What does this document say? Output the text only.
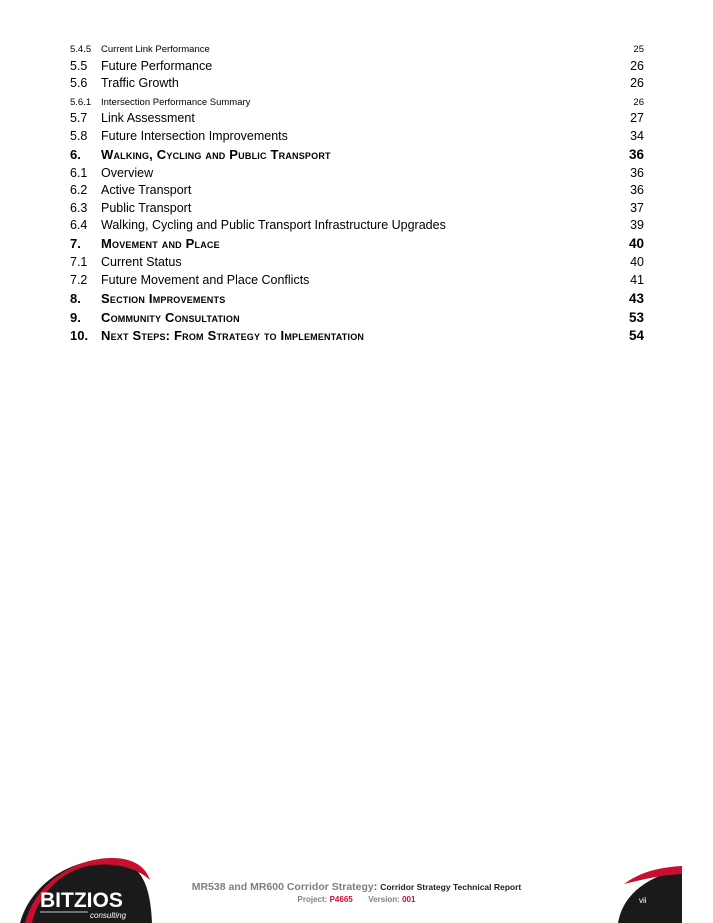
5.4.5 Current Link Performance	25
5.5 Future Performance	26
5.6 Traffic Growth	26
5.6.1 Intersection Performance Summary	26
5.7 Link Assessment	27
5.8 Future Intersection Improvements	34
6. Walking, Cycling and Public Transport	36
6.1 Overview	36
6.2 Active Transport	36
6.3 Public Transport	37
6.4 Walking, Cycling and Public Transport Infrastructure Upgrades	39
7. Movement and Place	40
7.1 Current Status	40
7.2 Future Movement and Place Conflicts	41
8. Section Improvements	43
9. Community Consultation	53
10. Next Steps: From Strategy to Implementation	54
BITZIOS
consulting
MR538 and MR600 Corridor Strategy: Corridor Strategy Technical Report
Project: P4665 Version: 001	vii
